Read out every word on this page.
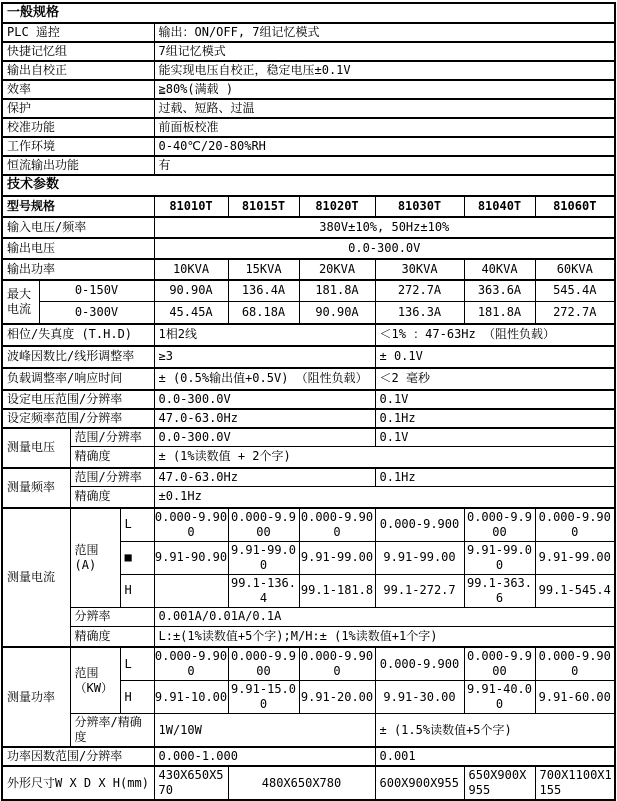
一般规格									
PLC 遥控				输出：ON/OFF, 7组记忆模式					
快捷记忆组				7组记忆模式					
输出自校正				能实现电压自校正，稳定电压±0.1V					
效率				≧80%(满载 )					
保护				过载、短路、过温					
校准功能				前面板校准					
工作环境				0-40℃/20-80%RH					
恒流输出功能				有					
技术参数									
型号规格				81010T	81015T	81020T	81030T	81040T	81060T
输入电压/频率				380V±10%, 50Hz±10%					
输出电压				0.0-300.0V					
输出功率				10KVA	15KVA	20KVA	30KVA	40KVA	60KVA
最大电流	0-150V			90.90A	136.4A	181.8A	272.7A	363.6A	545.4A
	0-300V			45.45A	68.18A	90.90A	136.3A	181.8A	272.7A
相位/失真度 (T.H.D)				1相2线			＜1% ：47-63Hz （阻性负载）		
波峰因数比/线形调整率				≥3			± 0.1V		
负载调整率/响应时间				± (0.5%输出值+0.5V) （阻性负载）			＜2 毫秒		
设定电压范围/分辨率				0.0-300.0V			0.1V		
设定频率范围/分辨率				47.0-63.0Hz			0.1Hz		
测量电压		范围/分辨率		0.0-300.0V			0.1V		
		精确度		± (1%读数值 + 2个字)					
测量频率		范围/分辨率		47.0-63.0Hz			0.1Hz		
		精确度		±0.1Hz					
测量电流		范围(A)	L	0.000-9.900	0.000-9.900	0.000-9.900	0.000-9.900	0.000-9.900	0.000-9.900
			■	9.91-90.90	9.91-99.00	9.91-99.00	9.91-99.00	9.91-99.00	9.91-99.00
			H		99.1-136.4	99.1-181.8	99.1-272.7	99.1-363.6	99.1-545.4
		分辨率		0.001A/0.01A/0.1A					
		精确度		L:±(1%读数值+5个字);M/H:± (1%读数值+1个字)					
测量功率		范围（KW）	L	0.000-9.900	0.000-9.900	0.000-9.900	0.000-9.900	0.000-9.900	0.000-9.900
			H	9.91-10.00	9.91-15.00	9.91-20.00	9.91-30.00	9.91-40.00	9.91-60.00
		分辨率/精确度		1W/10W			± (1.5%读数值+5个字)		
功率因数范围/分辨率				0.000-1.000			0.001		
外形尺寸W X D X H(mm)				430X650X570	480X650X780		600X900X955	650X900X955	700X1100X1155
